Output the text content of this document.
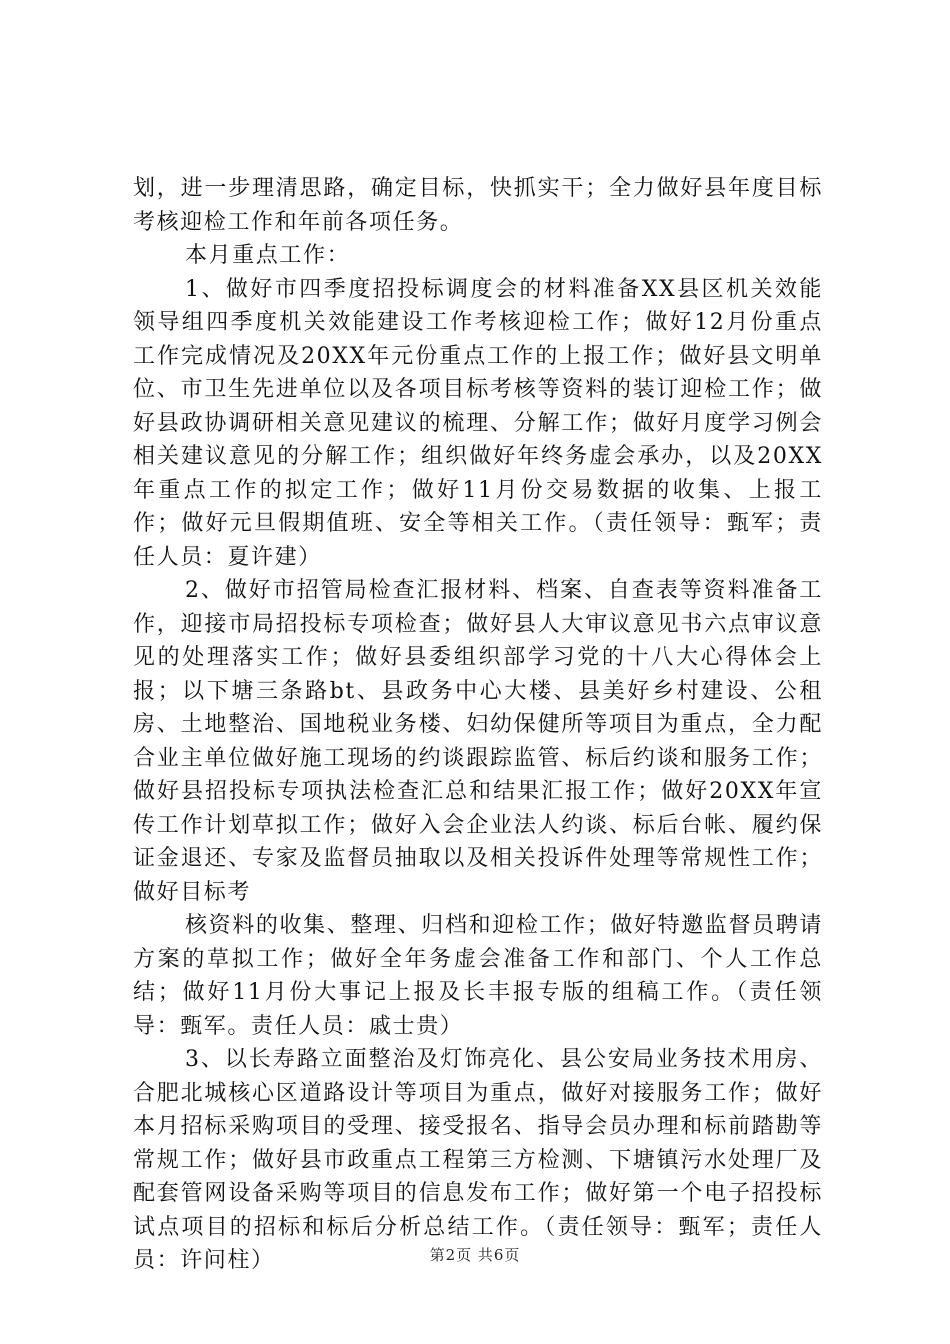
划，进一步理清思路，确定目标，快抓实干；全力做好县年度目标考核迎检工作和年前各项任务。

本月重点工作：

1、做好市四季度招投标调度会的材料准备XX县区机关效能领导组四季度机关效能建设工作考核迎检工作；做好12月份重点工作完成情况及20XX年元份重点工作的上报工作；做好县文明单位、市卫生先进单位以及各项目标考核等资料的装订迎检工作；做好县政协调研相关意见建议的梳理、分解工作；做好月度学习例会相关建议意见的分解工作；组织做好年终务虚会承办，以及20XX年重点工作的拟定工作；做好11月份交易数据的收集、上报工作；做好元旦假期值班、安全等相关工作。（责任领导：甄军；责任人员：夏许建）

2、做好市招管局检查汇报材料、档案、自查表等资料准备工作，迎接市局招投标专项检查；做好县人大审议意见书六点审议意见的处理落实工作；做好县委组织部学习党的十八大心得体会上报；以下塘三条路bt、县政务中心大楼、县美好乡村建设、公租房、土地整治、国地税业务楼、妇幼保健所等项目为重点，全力配合业主单位做好施工现场的约谈跟踪监管、标后约谈和服务工作；做好县招投标专项执法检查汇总和结果汇报工作；做好20XX年宣传工作计划草拟工作；做好入会企业法人约谈、标后台帐、履约保证金退还、专家及监督员抽取以及相关投诉件处理等常规性工作；做好目标考

核资料的收集、整理、归档和迎检工作；做好特邀监督员聘请方案的草拟工作；做好全年务虚会准备工作和部门、个人工作总结；做好11月份大事记上报及长丰报专版的组稿工作。（责任领导：甄军。责任人员：戚士贵）

3、以长寿路立面整治及灯饰亮化、县公安局业务技术用房、合肥北城核心区道路设计等项目为重点，做好对接服务工作；做好本月招标采购项目的受理、接受报名、指导会员办理和标前踏勘等常规工作；做好县市政重点工程第三方检测、下塘镇污水处理厂及配套管网设备采购等项目的信息发布工作；做好第一个电子招投标试点项目的招标和标后分析总结工作。（责任领导：甄军；责任人员：许问柱）	第2页 共6页
